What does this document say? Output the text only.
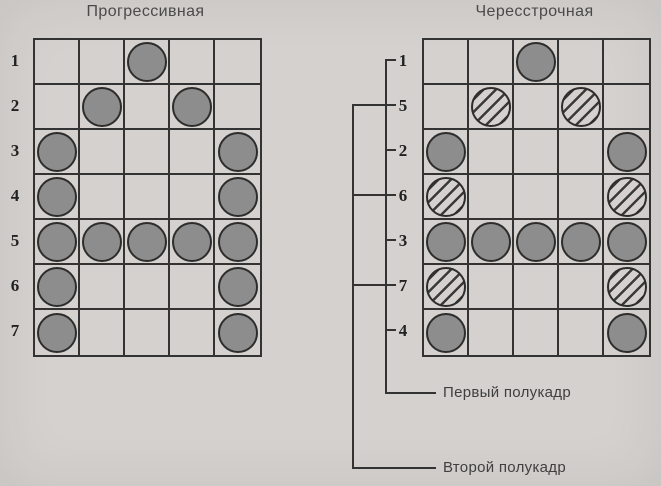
Прогрессивная
1
2
3
4
5
6
7
Чересстрочная
1
5
2
6
3
7
4
Первый полукадр
Второй полукадр
